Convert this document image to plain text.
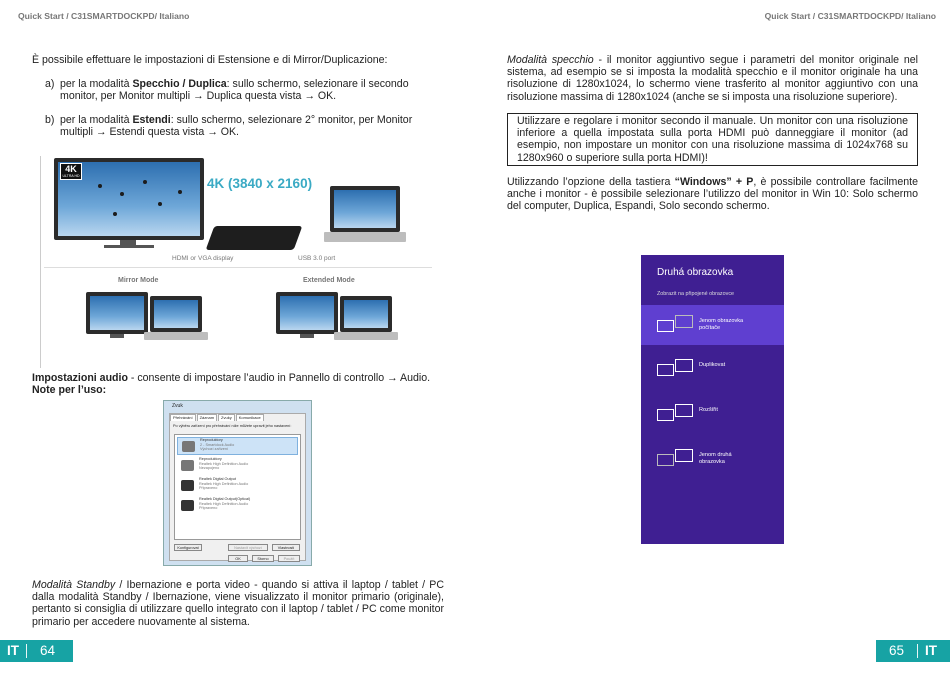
Quick Start / C31SMARTDOCKPD/ Italiano	Quick Start / C31SMARTDOCKPD/ Italiano

È possibile effettuare le impostazioni di Estensione e di Mirror/Duplicazione:

a) per la modalità Specchio / Duplica: sullo schermo, selezionare il secondo monitor, per Monitor multipli → Duplica questa vista → OK.

b) per la modalità Estendi: sullo schermo, selezionare 2° monitor, per Monitor multipli → Estendi questa vista → OK.

4K
ULTRA HD	4K (3840 x 2160)
HDMI or VGA display	USB 3.0 port
Mirror Mode	Extended Mode

Impostazioni audio - consente di impostare l’audio in Pannello di controllo → Audio.

Note per l’uso:

Zvuk
Přehrávání	Záznam	Zvuky	Komunikace
Po výběru zařízení pro přehrávání níže můžete upravit jeho nastavení:
Reproduktory
2 - Smartdock Audio
Výchozí zařízení
Reproduktory
Realtek High Definition Audio
Nezapojeno
Realtek Digital Output
Realtek High Definition Audio
Připraveno
Realtek Digital Output(Optical)
Realtek High Definition Audio
Připraveno
Konfigurovat	Nastavit výchozí	Vlastnosti
OK	Storno	Použít

Modalità Standby / Ibernazione e porta video - quando si attiva il laptop / tablet / PC dalla modalità Standby / Ibernazione, viene visualizzato il monitor primario (originale), pertanto si consiglia di utilizzare quello integrato con il laptop / tablet / PC come monitor primario per accedere nuovamente al sistema.

Modalità specchio - il monitor aggiuntivo segue i parametri del monitor originale nel sistema, ad esempio se si imposta la modalità specchio e il monitor originale ha una risoluzione di 1280x1024, lo schermo viene trasferito al monitor aggiuntivo con una risoluzione massima di 1280x1024 (anche se si imposta una risoluzione superiore).

Utilizzare e regolare i monitor secondo il manuale. Un monitor con una risoluzione inferiore a quella impostata sulla porta HDMI può danneggiare il monitor (ad esempio, non impostare un monitor con una risoluzione massima di 1024x768 su 1280x960 o superiore sulla porta HDMI)!

Utilizzando l’opzione della tastiera “Windows” + P, è possibile controllare facilmente anche i monitor - è possibile selezionare l’utilizzo del monitor in Win 10: Solo schermo del computer, Duplica, Espandi, Solo secondo schermo.

Druhá obrazovka
Zobrazit na připojené obrazovce
Jenom obrazovka
počítače
Duplikovat
Rozšířit
Jenom druhá
obrazovka
IT	64	65	IT
